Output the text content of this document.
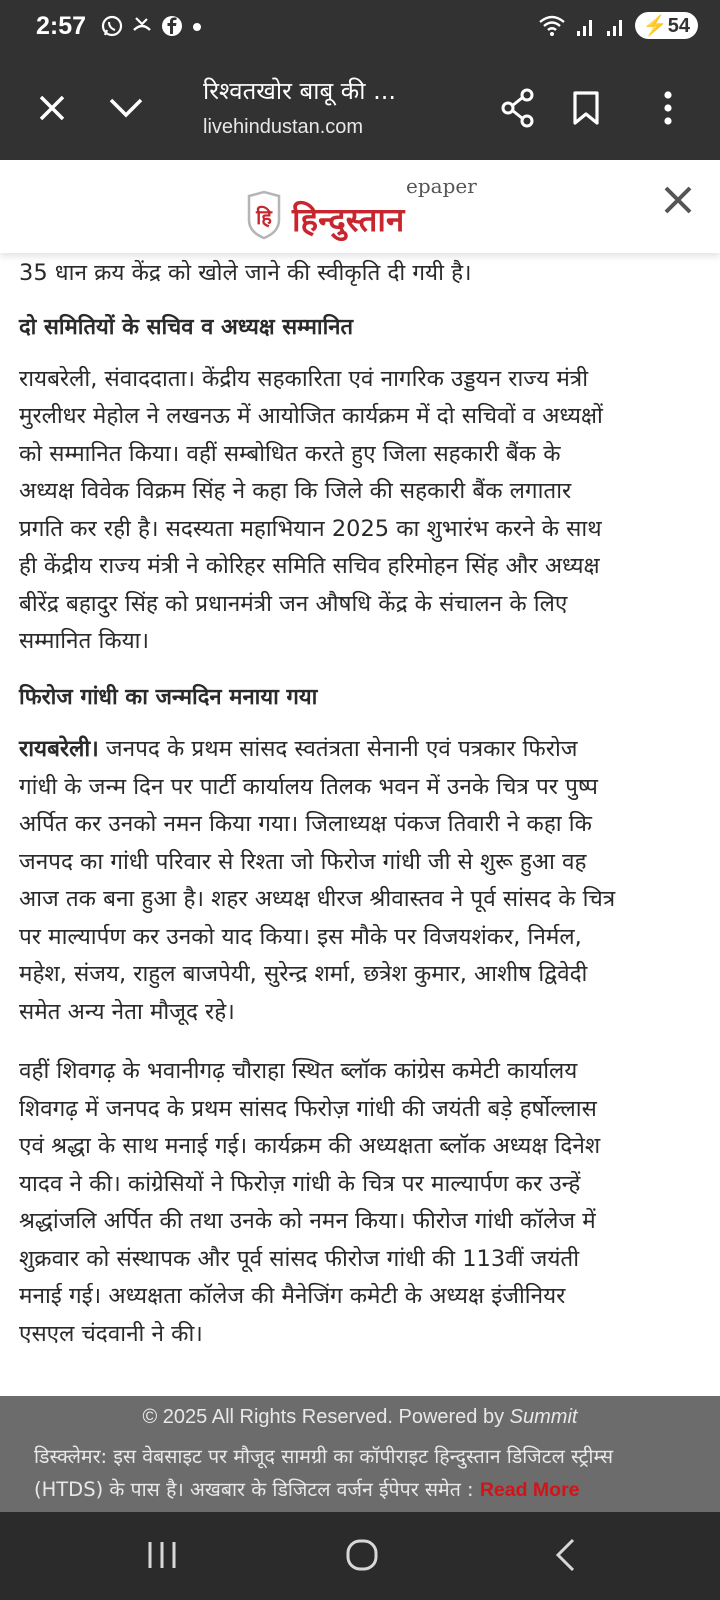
2:57	⚡54
रिश्वतखोर बाबू की ...
livehindustan.com
हि
epaper
हिन्दुस्तान

35 धान क्रय केंद्र को खोले जाने की स्वीकृति दी गयी है।

दो समितियों के सचिव व अध्यक्ष सम्मानित

रायबरेली, संवाददाता। केंद्रीय सहकारिता एवं नागरिक उड्डयन राज्य मंत्री

मुरलीधर मेहोल ने लखनऊ में आयोजित कार्यक्रम में दो सचिवों व अध्यक्षों

को सम्मानित किया। वहीं सम्बोधित करते हुए जिला सहकारी बैंक के

अध्यक्ष विवेक विक्रम सिंह ने कहा कि जिले की सहकारी बैंक लगातार

प्रगति कर रही है। सदस्यता महाभियान 2025 का शुभारंभ करने के साथ

ही केंद्रीय राज्य मंत्री ने कोरिहर समिति सचिव हरिमोहन सिंह और अध्यक्ष

बीरेंद्र बहादुर सिंह को प्रधानमंत्री जन औषधि केंद्र के संचालन के लिए

सम्मानित किया।

फिरोज गांधी का जन्मदिन मनाया गया

रायबरेली। जनपद के प्रथम सांसद स्वतंत्रता सेनानी एवं पत्रकार फिरोज

गांधी के जन्म दिन पर पार्टी कार्यालय तिलक भवन में उनके चित्र पर पुष्प

अर्पित कर उनको नमन किया गया। जिलाध्यक्ष पंकज तिवारी ने कहा कि

जनपद का गांधी परिवार से रिश्ता जो फिरोज गांधी जी से शुरू हुआ वह

आज तक बना हुआ है। शहर अध्यक्ष धीरज श्रीवास्तव ने पूर्व सांसद के चित्र

पर माल्यार्पण कर उनको याद किया। इस मौके पर विजयशंकर, निर्मल,

महेश, संजय, राहुल बाजपेयी, सुरेन्द्र शर्मा, छत्रेश कुमार, आशीष द्विवेदी

समेत अन्य नेता मौजूद रहे।

वहीं शिवगढ़ के भवानीगढ़ चौराहा स्थित ब्लॉक कांग्रेस कमेटी कार्यालय

शिवगढ़ में जनपद के प्रथम सांसद फिरोज़ गांधी की जयंती बड़े हर्षोल्लास

एवं श्रद्धा के साथ मनाई गई। कार्यक्रम की अध्यक्षता ब्लॉक अध्यक्ष दिनेश

यादव ने की। कांग्रेसियों ने फिरोज़ गांधी के चित्र पर माल्यार्पण कर उन्हें

श्रद्धांजलि अर्पित की तथा उनके को नमन किया। फीरोज गांधी कॉलेज में

शुक्रवार को संस्थापक और पूर्व सांसद फीरोज गांधी की 113वीं जयंती

मनाई गई। अध्यक्षता कॉलेज की मैनेजिंग कमेटी के अध्यक्ष इंजीनियर

एसएल चंदवानी ने की।

© 2025 All Rights Reserved. Powered by Summit
डिस्क्लेमर: इस वेबसाइट पर मौजूद सामग्री का कॉपीराइट हिन्दुस्तान डिजिटल स्ट्रीम्स
(HTDS) के पास है। अखबार के डिजिटल वर्जन ईपेपर समेत : Read More
